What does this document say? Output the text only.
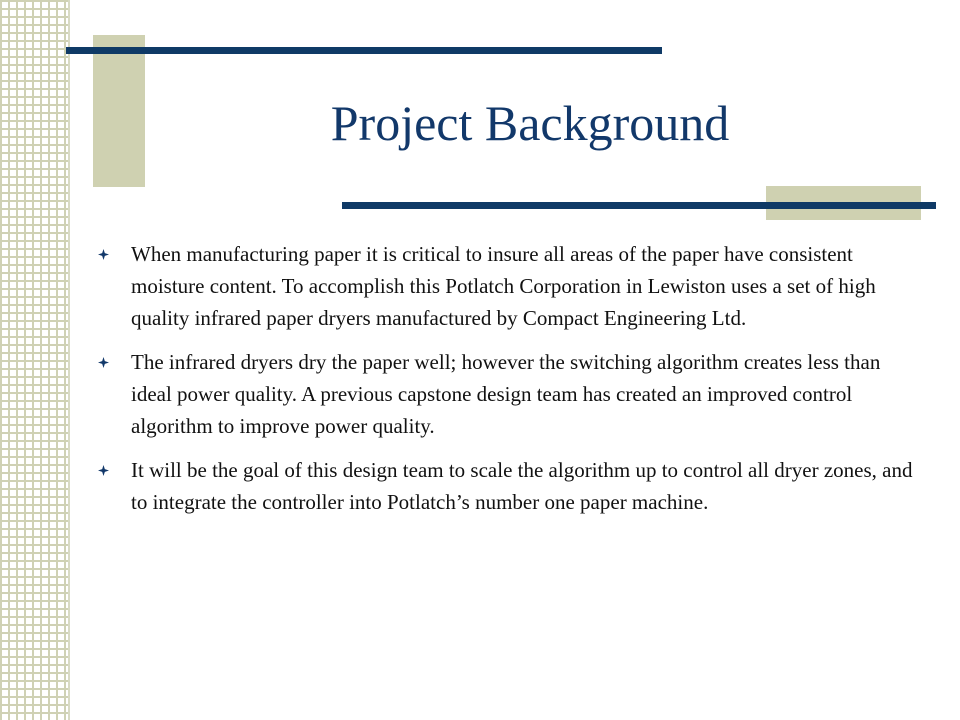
Project Background
When manufacturing paper it is critical to insure all areas of the paper have consistent moisture content. To accomplish this Potlatch Corporation in Lewiston uses a set of high quality infrared paper dryers manufactured by Compact Engineering Ltd.
The infrared dryers dry the paper well; however the switching algorithm creates less than ideal power quality. A previous capstone design team has created an improved control algorithm to improve power quality.
It will be the goal of this design team to scale the algorithm up to control all dryer zones, and to integrate the controller into Potlatch’s number one paper machine.
